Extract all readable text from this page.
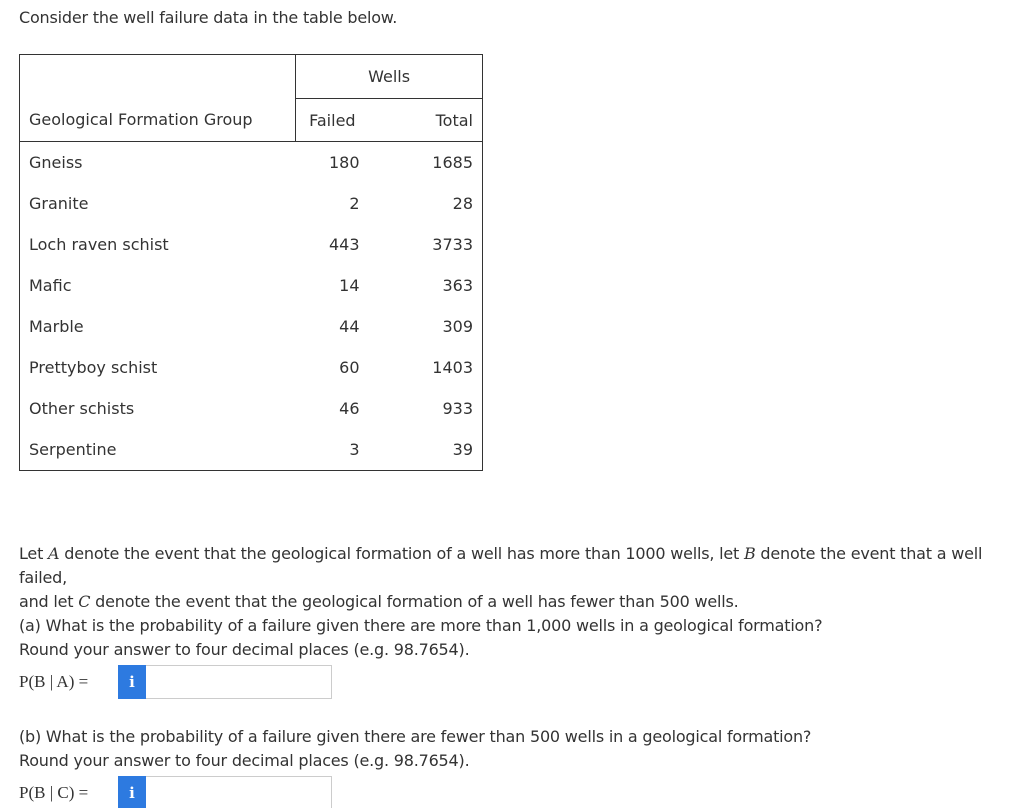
Consider the well failure data in the table below.
	Wells	
Geological Formation Group	Failed	Total
Gneiss	180	1685
Granite	2	28
Loch raven schist	443	3733
Mafic	14	363
Marble	44	309
Prettyboy schist	60	1403
Other schists	46	933
Serpentine	3	39
Let A denote the event that the geological formation of a well has more than 1000 wells, let B denote the event that a well failed,
and let C denote the event that the geological formation of a well has fewer than 500 wells.
(a) What is the probability of a failure given there are more than 1,000 wells in a geological formation?
Round your answer to four decimal places (e.g. 98.7654).
P(B | A) =	i
(b) What is the probability of a failure given there are fewer than 500 wells in a geological formation?
Round your answer to four decimal places (e.g. 98.7654).
P(B | C) =	i
